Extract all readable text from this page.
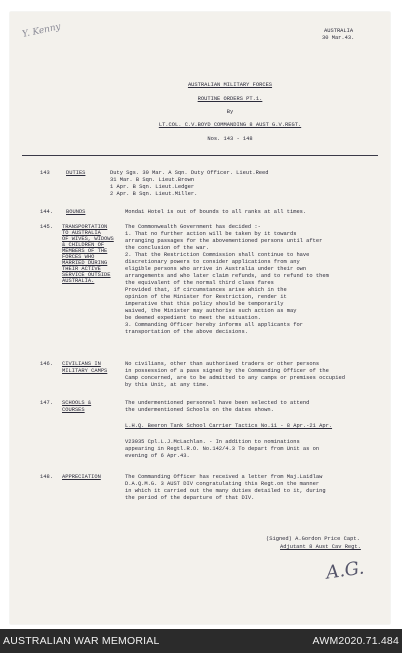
Y. Kenny	AUSTRALIA
30 Mar.43.
AUSTRALIAN MILITARY FORCES
ROUTINE ORDERS PT.1.
By
LT.COL. C.V.BOYD COMMANDING 8 AUST G.V.REGT.
Nos. 143 - 148
143	DUTIES	Duty Sgs. 30 Mar. A Sqn. Duty Officer. Lieut.Reed
31 Mar. B Sqn. Lieut.Brown
1 Apr. B Sqn. Lieut.Ledger
2 Apr. B Sqn. Lieut.Miller.
144. BOUNDS	Mondai Hotel is out of bounds to all ranks at all times.
145. TRANSPORTATION
TO AUSTRALIA
OF WIVES, WIDOWS
& CHILDREN OF
MEMBERS OF THE
FORCES WHO
MARRIED DURING
THEIR ACTIVE
SERVICE OUTSIDE
AUSTRALIA.
The Commonwealth Government has decided :-
1. That no further action will be taken by it towards
arranging passages for the abovementioned persons until after
the conclusion of the war.
2. That the Restriction Commission shall continue to have
discretionary powers to consider applications from any
eligible persons who arrive in Australia under their own
arrangements and who later claim refunds, and to refund to them
the equivalent of the normal third class fares
Provided that, if circumstances arise which in the
opinion of the Minister for Restriction, render it
imperative that this policy should be temporarily
waived, the Minister may authorise such action as may
be deemed expedient to meet the situation.
3. Commanding Officer hereby informs all applicants for
transportation of the above decisions.
146. CIVILIANS IN
MILITARY CAMPS
No civilians, other than authorised traders or other persons
in possession of a pass signed by the Commanding Officer of the
Camp concerned, are to be admitted to any camps or premises occupied
by this Unit, at any time.
147. SCHOOLS &
COURSES
The undermentioned personnel have been selected to attend
the undermentioned Schools on the dates shown.
L.H.Q. Beeron Tank School Carrier Tactics No.11 - 8 Apr.-21 Apr.
V23035 Cpl.L.J.McLachlan. - In addition to nominations
appearing in Regtl.R.O. No.142/4.3 To depart from Unit as on
evening of 6 Apr.43.
148. APPRECIATION	The Commanding Officer has received a letter from Maj.Laidlaw
D.A.Q.M.G. 3 AUST DIV congratulating this Regt.on the manner
in which it carried out the many duties detailed to it, during
the period of the departure of that DIV.
(Signed) A.Gordon Price Capt.
Adjutant 8 Aust Cav Regt.
A.G.
AUSTRALIAN WAR MEMORIAL	AWM2020.71.484
